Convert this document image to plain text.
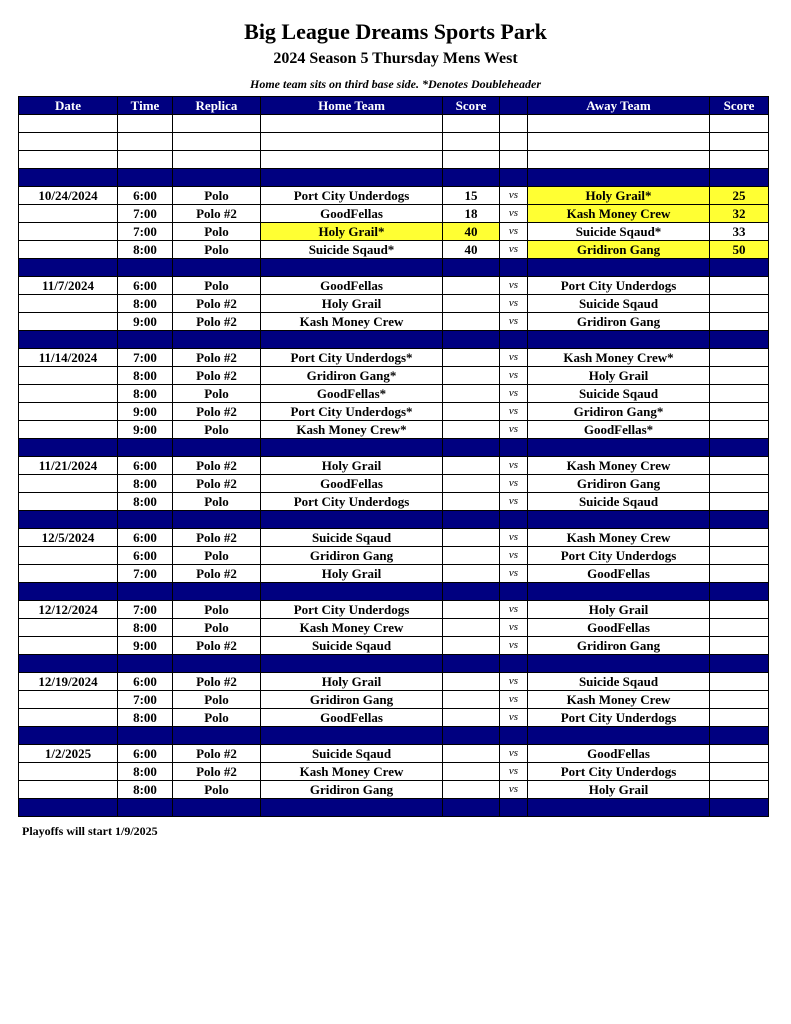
Big League Dreams Sports Park
2024 Season 5 Thursday Mens West
Home team sits on third base side. *Denotes Doubleheader
Date	Time	Replica	Home Team	Score		Away Team	Score

10/24/2024	6:00	Polo	Port City Underdogs	15	vs	Holy Grail*	25
	7:00	Polo #2	GoodFellas	18	vs	Kash Money Crew	32
	7:00	Polo	Holy Grail*	40	vs	Suicide Sqaud*	33
	8:00	Polo	Suicide Sqaud*	40	vs	Gridiron Gang	50

11/7/2024	6:00	Polo	GoodFellas		vs	Port City Underdogs	
	8:00	Polo #2	Holy Grail		vs	Suicide Sqaud	
	9:00	Polo #2	Kash Money Crew		vs	Gridiron Gang	

11/14/2024	7:00	Polo #2	Port City Underdogs*		vs	Kash Money Crew*	
	8:00	Polo #2	Gridiron Gang*		vs	Holy Grail	
	8:00	Polo	GoodFellas*		vs	Suicide Sqaud	
	9:00	Polo #2	Port City Underdogs*		vs	Gridiron Gang*	
	9:00	Polo	Kash Money Crew*		vs	GoodFellas*	

11/21/2024	6:00	Polo #2	Holy Grail		vs	Kash Money Crew	
	8:00	Polo #2	GoodFellas		vs	Gridiron Gang	
	8:00	Polo	Port City Underdogs		vs	Suicide Sqaud	

12/5/2024	6:00	Polo #2	Suicide Sqaud		vs	Kash Money Crew	
	6:00	Polo	Gridiron Gang		vs	Port City Underdogs	
	7:00	Polo #2	Holy Grail		vs	GoodFellas	

12/12/2024	7:00	Polo	Port City Underdogs		vs	Holy Grail	
	8:00	Polo	Kash Money Crew		vs	GoodFellas	
	9:00	Polo #2	Suicide Sqaud		vs	Gridiron Gang	

12/19/2024	6:00	Polo #2	Holy Grail		vs	Suicide Sqaud	
	7:00	Polo	Gridiron Gang		vs	Kash Money Crew	
	8:00	Polo	GoodFellas		vs	Port City Underdogs	

1/2/2025	6:00	Polo #2	Suicide Sqaud		vs	GoodFellas	
	8:00	Polo #2	Kash Money Crew		vs	Port City Underdogs	
	8:00	Polo	Gridiron Gang		vs	Holy Grail	

Playoffs will start 1/9/2025
